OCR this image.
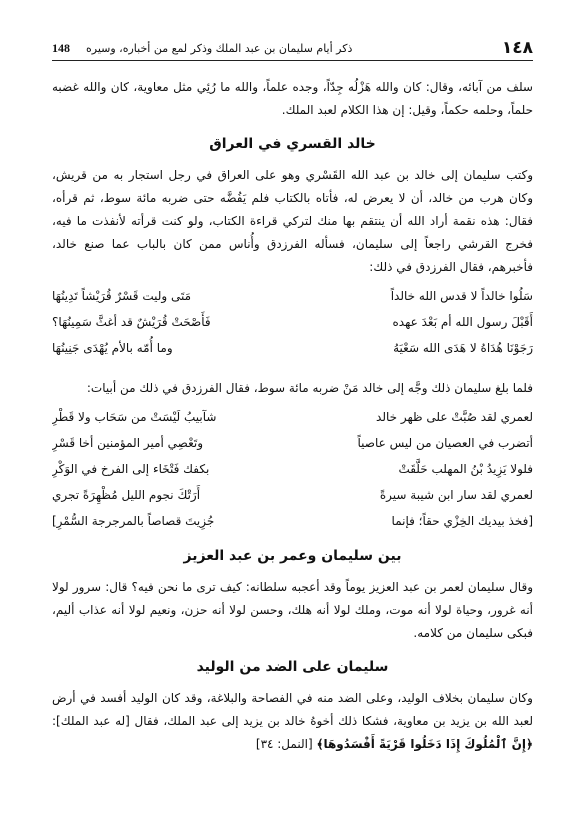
١٤٨
ذكر أيام سليمان بن عبد الملك وذكر لمع من أخباره، وسيره
148

سلف من آبائه، وقال: كان والله هَزْلُه جِدّاً، وجده علماً، والله ما رُئِي مثل معاوية، كان والله غضبه حلماً، وحلمه حكماً، وقيل: إن هذا الكلام لعبد الملك.

خالد القسري في العراق

وكتب سليمان إلى خالد بن عبد الله القَسْري وهو على العراق في رجل استجار به من قريش، وكان هرب من خالد، أن لا يعرض له، فأتاه بالكتاب فلم يَفُضَّه حتى ضربه مائة سوط، ثم قرأه، فقال: هذه نقمة أراد الله أن ينتقم بها منك لتركي قراءة الكتاب، ولو كنت قرأته لأنفذت ما فيه، فخرج القرشي راجعاً إلى سليمان، فسأله الفرزدق وأُناس ممن كان بالباب عما صنع خالد، فأخبرهم، فقال الفرزدق في ذلك:

سَلُوا خالداً لا قدس الله خالداً
مَتَى وليت قَسْرٌ قُرَيْشاً تَدِينُهَا
أَقَبْلَ رسول الله أم بَعْدَ عهده
فَأَصْحَتْ قُرَيْشٌ قد أغثَّ سَمِينُهَا؟
رَجَوْنَا هُدَاهُ لا هَدَى الله سَعْيَهُ
وما أُمّه بالأم يُهْدَى جَنِينُهَا

فلما بلغ سليمان ذلك وجَّه إلى خالد مَنْ ضربه مائة سوط، فقال الفرزدق في ذلك من أبيات:

لعمري لقد صُبَّتْ على ظهر خالد
شآبيبُ لَيْسَتْ من سَحَاب ولا قَطْرِ
أتضرب في العصيان من ليس عاصياً
وتَعْصِي أمير المؤمنين أخا قَسْرِ
فلولا يَزِيدُ بْنُ المهلب حَلَّقَتْ
بكفك فَتْخَاء إلى الفرخ في الوَكْرِ
لعمري لقد سار ابن شيبة سيرةً
أَرَتْكَ نجوم الليل مُظْهِرَةً تجري
[فخذ بيديك الخِزْي حقاً؛ فإنما
جُزِيتَ قصاصاً بالمرجرجة السُّمْرِ]
بين سليمان وعمر بن عبد العزيز

وقال سليمان لعمر بن عبد العزيز يوماً وقد أعجبه سلطانه: كيف ترى ما نحن فيه؟ قال: سرور لولا أنه غرور، وحياة لولا أنه موت، وملك لولا أنه هلك، وحسن لولا أنه حزن، ونعيم لولا أنه عذاب أليم، فبكى سليمان من كلامه.

سليمان على الضد من الوليد

وكان سليمان بخلاف الوليد، وعلى الضد منه في الفصاحة والبلاغة، وقد كان الوليد أفسد في أرض لعبد الله بن يزيد بن معاوية، فشكا ذلك أخوهُ خالد بن يزيد إلى عبد الملك، فقال [له عبد الملك]: ﴿إِنَّ ٱلْمُلُوكَ إِذَا دَخَلُوا قَرْيَةً أَفْسَدُوهَا﴾ [النمل: ٣٤]
